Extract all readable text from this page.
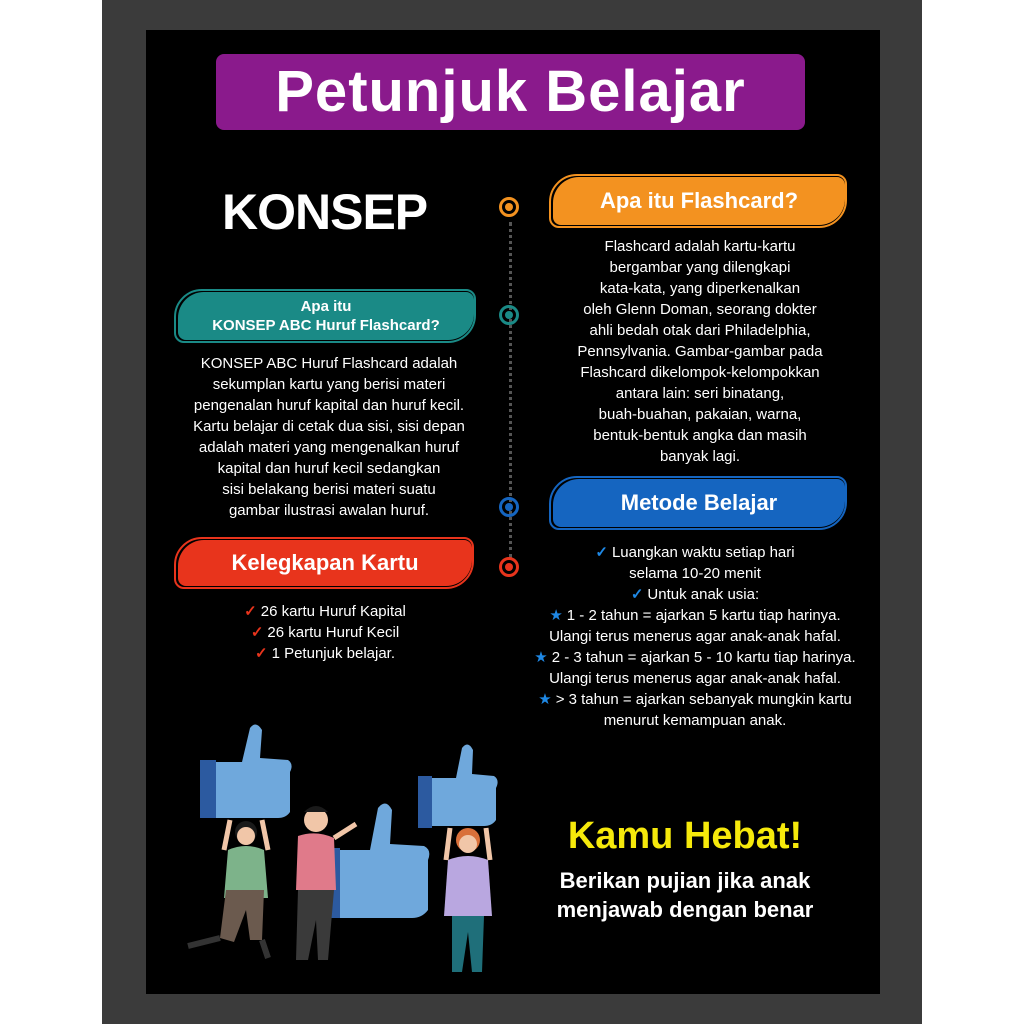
Petunjuk Belajar
KONSEP	Apa itu Flashcard?

Flashcard adalah kartu-kartu

bergambar yang dilengkapi

kata-kata, yang diperkenalkan

oleh Glenn Doman, seorang dokter

ahli bedah otak dari Philadelphia,

Pennsylvania. Gambar-gambar pada

Flashcard dikelompok-kelompokkan

antara lain: seri binatang,

buah-buahan, pakaian, warna,

bentuk-bentuk angka dan masih

banyak lagi.

Apa itu
KONSEP ABC Huruf Flashcard?

KONSEP ABC Huruf Flashcard adalah

sekumplan kartu yang berisi materi

pengenalan huruf kapital dan huruf kecil.

Kartu belajar di cetak dua sisi, sisi depan

adalah materi yang mengenalkan huruf

kapital dan huruf kecil sedangkan

sisi belakang berisi materi suatu

gambar ilustrasi awalan huruf.	Metode Belajar
✓ Luangkan waktu setiap hari
selama 10-20 menit
✓ Untuk anak usia:
★ 1 - 2 tahun = ajarkan 5 kartu tiap harinya.
Ulangi terus menerus agar anak-anak hafal.
★ 2 - 3 tahun = ajarkan 5 - 10 kartu tiap harinya.
Ulangi terus menerus agar anak-anak hafal.
★ > 3 tahun = ajarkan sebanyak mungkin kartu
menurut kemampuan anak.
Kelegkapan Kartu
✓ 26 kartu Huruf Kapital
✓ 26 kartu Huruf Kecil
✓ 1 Petunjuk belajar.
Kamu Hebat!
Berikan pujian jika anak
menjawab dengan benar
